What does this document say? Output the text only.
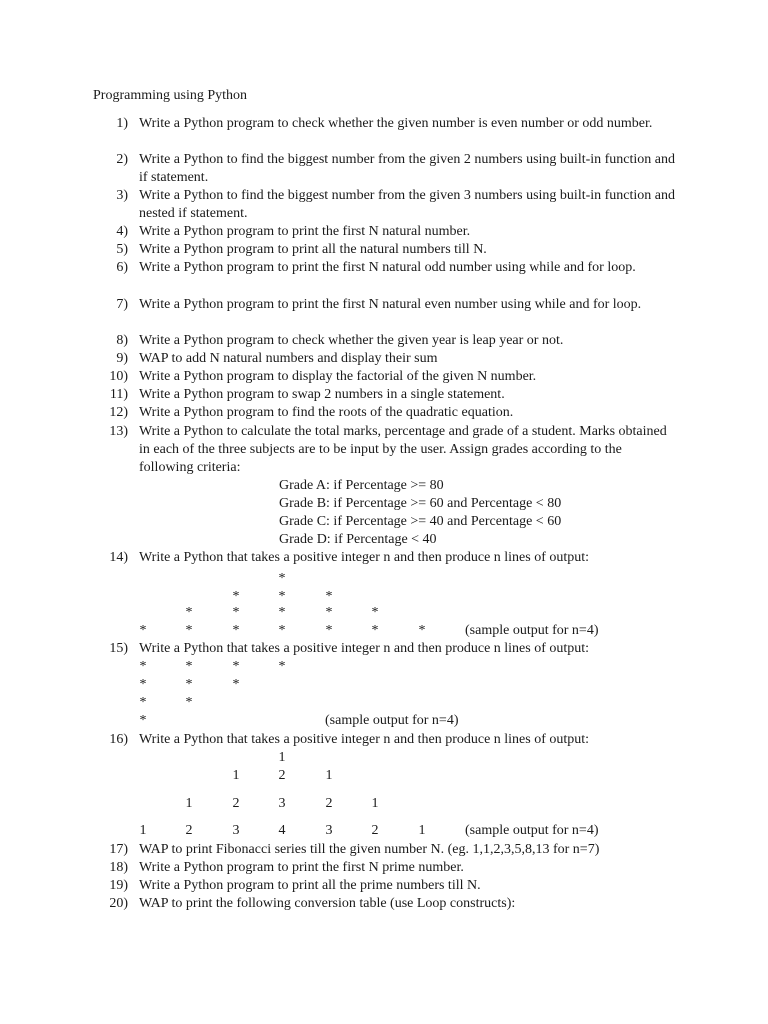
Programming using Python
1) Write a Python program to check whether the given number is even number or odd number.
2) Write a Python to find the biggest number from the given 2 numbers using built-in function and if statement.
3) Write a Python to find the biggest number from the given 3 numbers using built-in function and nested if statement.
4) Write a Python program to print the first N natural number.
5) Write a Python program to print all the natural numbers till N.
6) Write a Python program to print the first N natural odd number using while and for loop.
7) Write a Python program to print the first N natural even number using while and for loop.
8) Write a Python program to check whether the given year is leap year or not.
9) WAP to add N natural numbers and display their sum
10) Write a Python program to display the factorial of the given N number.
11) Write a Python program to swap 2 numbers in a single statement.
12) Write a Python program to find the roots of the quadratic equation.
13) Write a Python to calculate the total marks, percentage and grade of a student. Marks obtained in each of the three subjects are to be input by the user. Assign grades according to the following criteria:
Grade A: if Percentage >= 80
Grade B: if Percentage >= 60 and Percentage < 80
Grade C: if Percentage >= 40 and Percentage < 60
Grade D: if Percentage < 40
14) Write a Python that takes a positive integer n and then produce n lines of output:
*
*	*	*
*	*	*	*	*
*	*	*	*	*	*	*	(sample output for n=4)
15) Write a Python that takes a positive integer n and then produce n lines of output:
*	*	*	*
*	*	*
*	*
*	(sample output for n=4)
16) Write a Python that takes a positive integer n and then produce n lines of output:
1
1	2	1
1	2	3	2	1
1	2	3	4	3	2	1	(sample output for n=4)
17) WAP to print Fibonacci series till the given number N. (eg. 1,1,2,3,5,8,13 for n=7)
18) Write a Python program to print the first N prime number.
19) Write a Python program to print all the prime numbers till N.
20) WAP to print the following conversion table (use Loop constructs):
